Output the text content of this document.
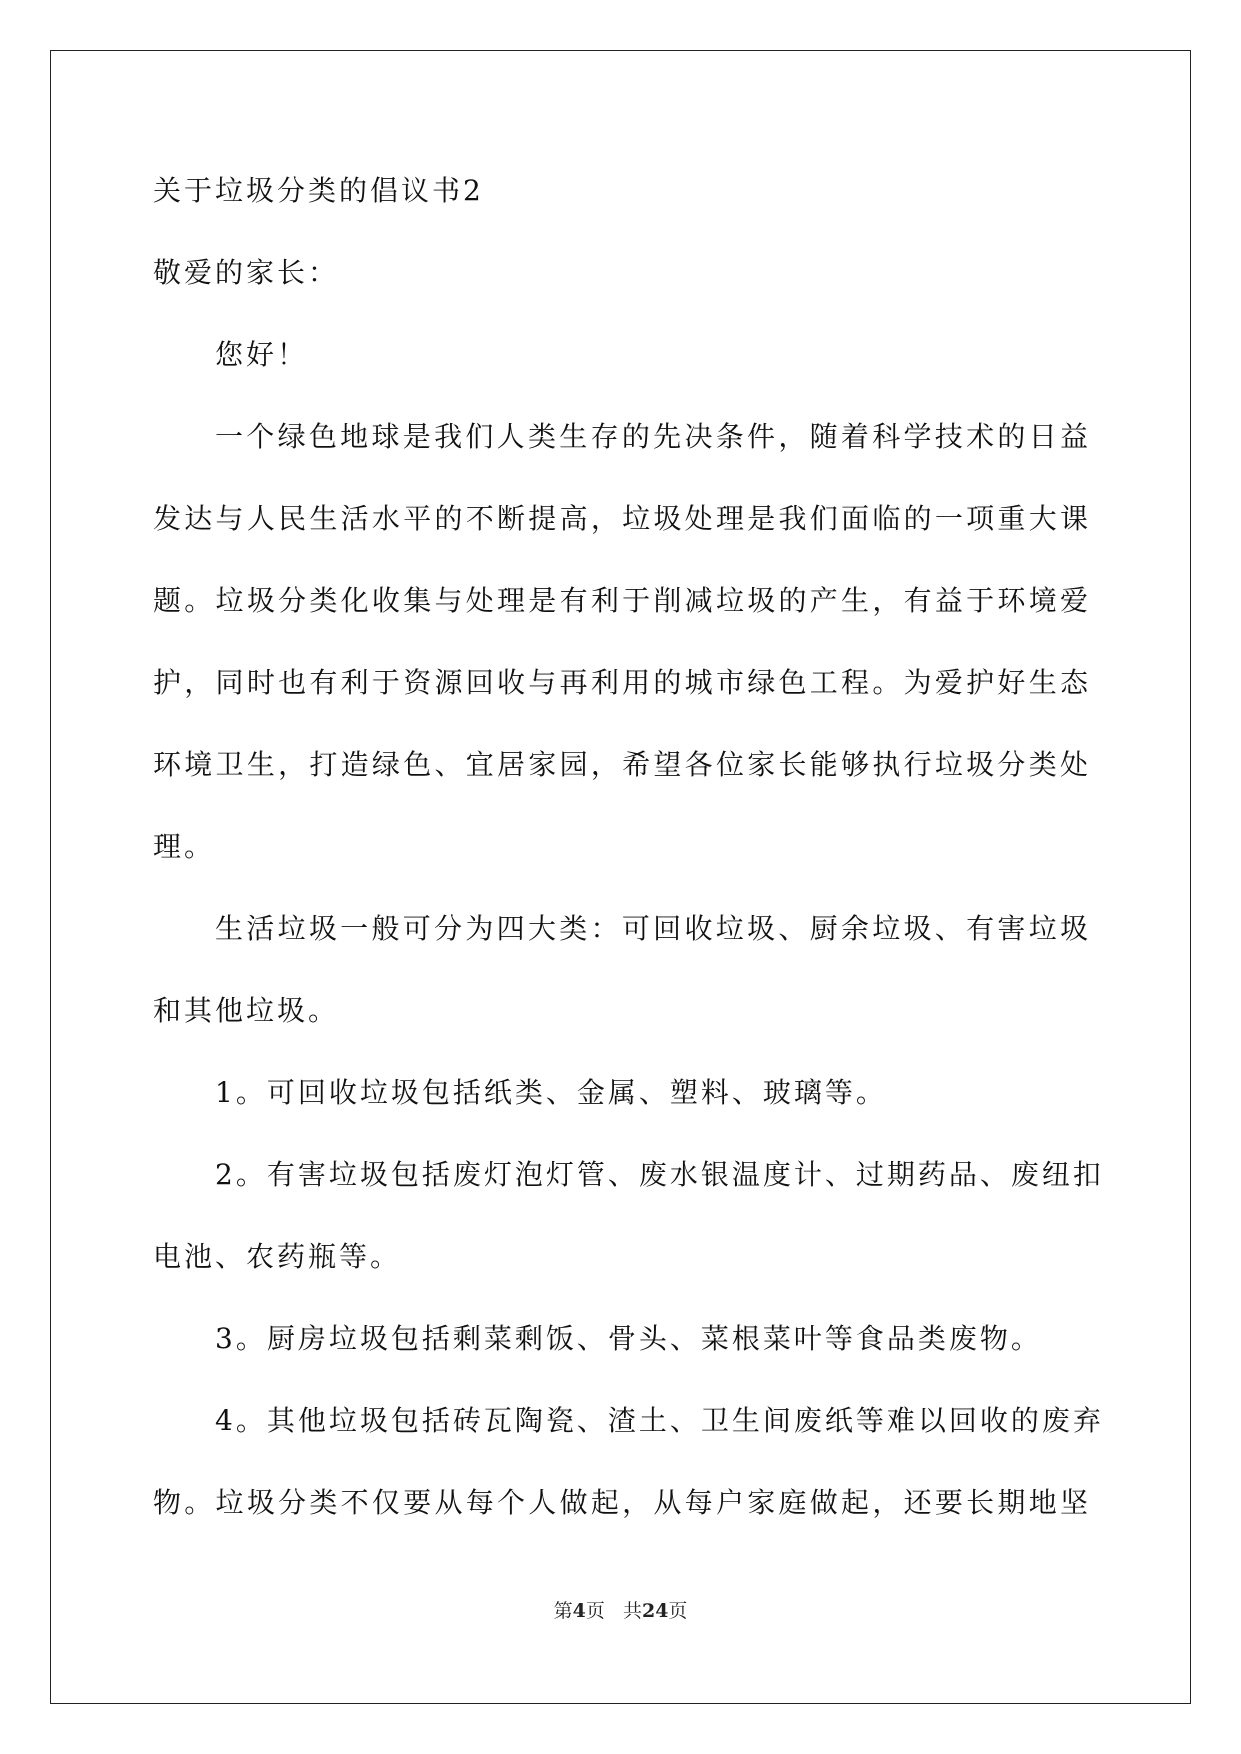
关于垃圾分类的倡议书2
敬爱的家长：
您好！
一个绿色地球是我们人类生存的先决条件，随着科学技术的日益
发达与人民生活水平的不断提高，垃圾处理是我们面临的一项重大课
题。垃圾分类化收集与处理是有利于削减垃圾的产生，有益于环境爱
护，同时也有利于资源回收与再利用的城市绿色工程。为爱护好生态
环境卫生，打造绿色、宜居家园，希望各位家长能够执行垃圾分类处
理。
生活垃圾一般可分为四大类：可回收垃圾、厨余垃圾、有害垃圾
和其他垃圾。
1。可回收垃圾包括纸类、金属、塑料、玻璃等。
2。有害垃圾包括废灯泡灯管、废水银温度计、过期药品、废纽扣
电池、农药瓶等。
3。厨房垃圾包括剩菜剩饭、骨头、菜根菜叶等食品类废物。
4。其他垃圾包括砖瓦陶瓷、渣土、卫生间废纸等难以回收的废弃
物。垃圾分类不仅要从每个人做起，从每户家庭做起，还要长期地坚
第4页 共24页
